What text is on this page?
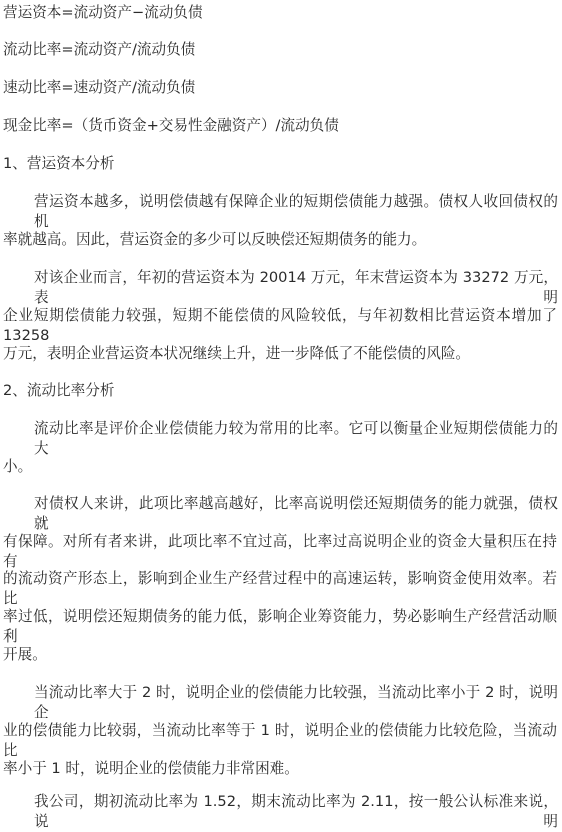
营运资本=流动资产−流动负债
流动比率=流动资产/流动负债
速动比率=速动资产/流动负债
现金比率=（货币资金+交易性金融资产）/流动负债
1、营运资本分析
营运资本越多，说明偿债越有保障企业的短期偿债能力越强。债权人收回债权的机
率就越高。因此，营运资金的多少可以反映偿还短期债务的能力。
对该企业而言，年初的营运资本为 20014 万元，年末营运资本为 33272 万元，表明
企业短期偿债能力较强，短期不能偿债的风险较低，与年初数相比营运资本增加了 13258
万元，表明企业营运资本状况继续上升，进一步降低了不能偿债的风险。
2、流动比率分析
流动比率是评价企业偿债能力较为常用的比率。它可以衡量企业短期偿债能力的大
小。
对债权人来讲，此项比率越高越好，比率高说明偿还短期债务的能力就强，债权就
有保障。对所有者来讲，此项比率不宜过高，比率过高说明企业的资金大量积压在持有
的流动资产形态上，影响到企业生产经营过程中的高速运转，影响资金使用效率。若比
率过低，说明偿还短期债务的能力低，影响企业筹资能力，势必影响生产经营活动顺利
开展。
当流动比率大于 2 时，说明企业的偿债能力比较强，当流动比率小于 2 时，说明企
业的偿债能力比较弱，当流动比率等于 1 时，说明企业的偿债能力比较危险，当流动比
率小于 1 时，说明企业的偿债能力非常困难。
我公司，期初流动比率为 1.52，期末流动比率为 2.11，按一般公认标准来说，说明
